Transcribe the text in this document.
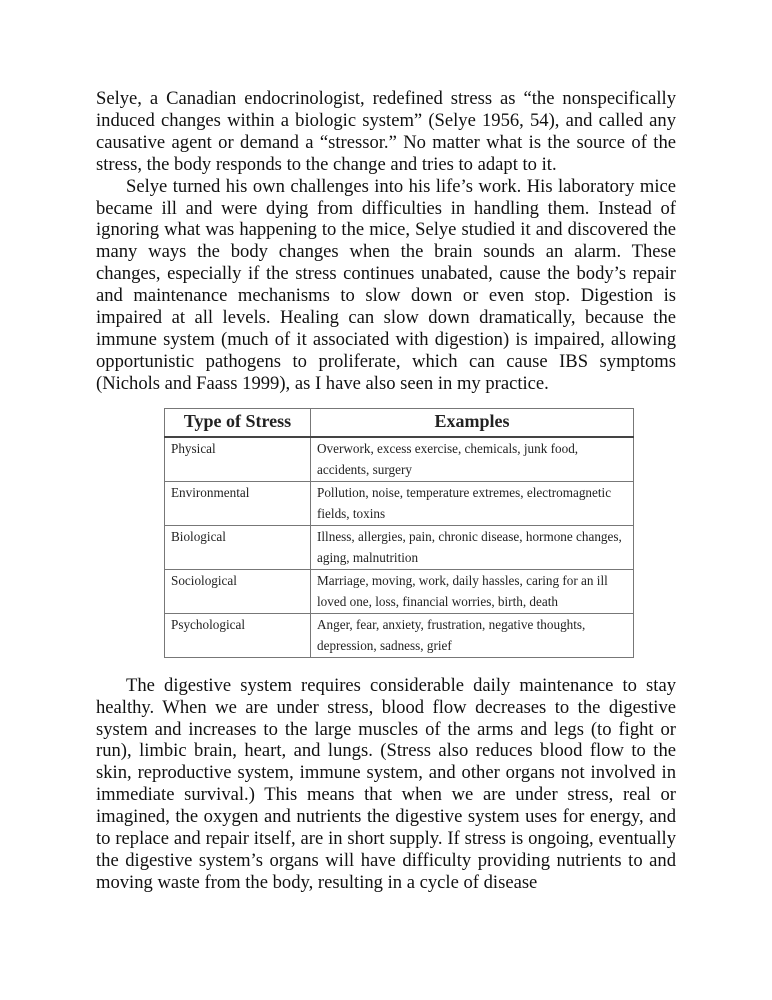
Selye, a Canadian endocrinologist, redefined stress as “the nonspecifically induced changes within a biologic system” (Selye 1956, 54), and called any causative agent or demand a “stressor.” No matter what is the source of the stress, the body responds to the change and tries to adapt to it.

Selye turned his own challenges into his life’s work. His laboratory mice became ill and were dying from difficulties in handling them. Instead of ignoring what was happening to the mice, Selye studied it and discovered the many ways the body changes when the brain sounds an alarm. These changes, especially if the stress continues unabated, cause the body’s repair and maintenance mechanisms to slow down or even stop. Digestion is impaired at all levels. Healing can slow down dramatically, because the immune system (much of it associated with digestion) is impaired, allowing opportunistic pathogens to proliferate, which can cause IBS symptoms (Nichols and Faass 1999), as I have also seen in my practice.

Type of Stress	Examples
Physical	Overwork, excess exercise, chemicals, junk food, accidents, surgery
Environmental	Pollution, noise, temperature extremes, electromagnetic fields, toxins
Biological	Illness, allergies, pain, chronic disease, hormone changes, aging, malnutrition
Sociological	Marriage, moving, work, daily hassles, caring for an ill loved one, loss, financial worries, birth, death
Psychological	Anger, fear, anxiety, frustration, negative thoughts, depression, sadness, grief

The digestive system requires considerable daily maintenance to stay healthy. When we are under stress, blood flow decreases to the digestive system and increases to the large muscles of the arms and legs (to fight or run), limbic brain, heart, and lungs. (Stress also reduces blood flow to the skin, reproductive system, immune system, and other organs not involved in immediate survival.) This means that when we are under stress, real or imagined, the oxygen and nutrients the digestive system uses for energy, and to replace and repair itself, are in short supply. If stress is ongoing, eventually the digestive system’s organs will have difficulty providing nutrients to and moving waste from the body, resulting in a cycle of disease
